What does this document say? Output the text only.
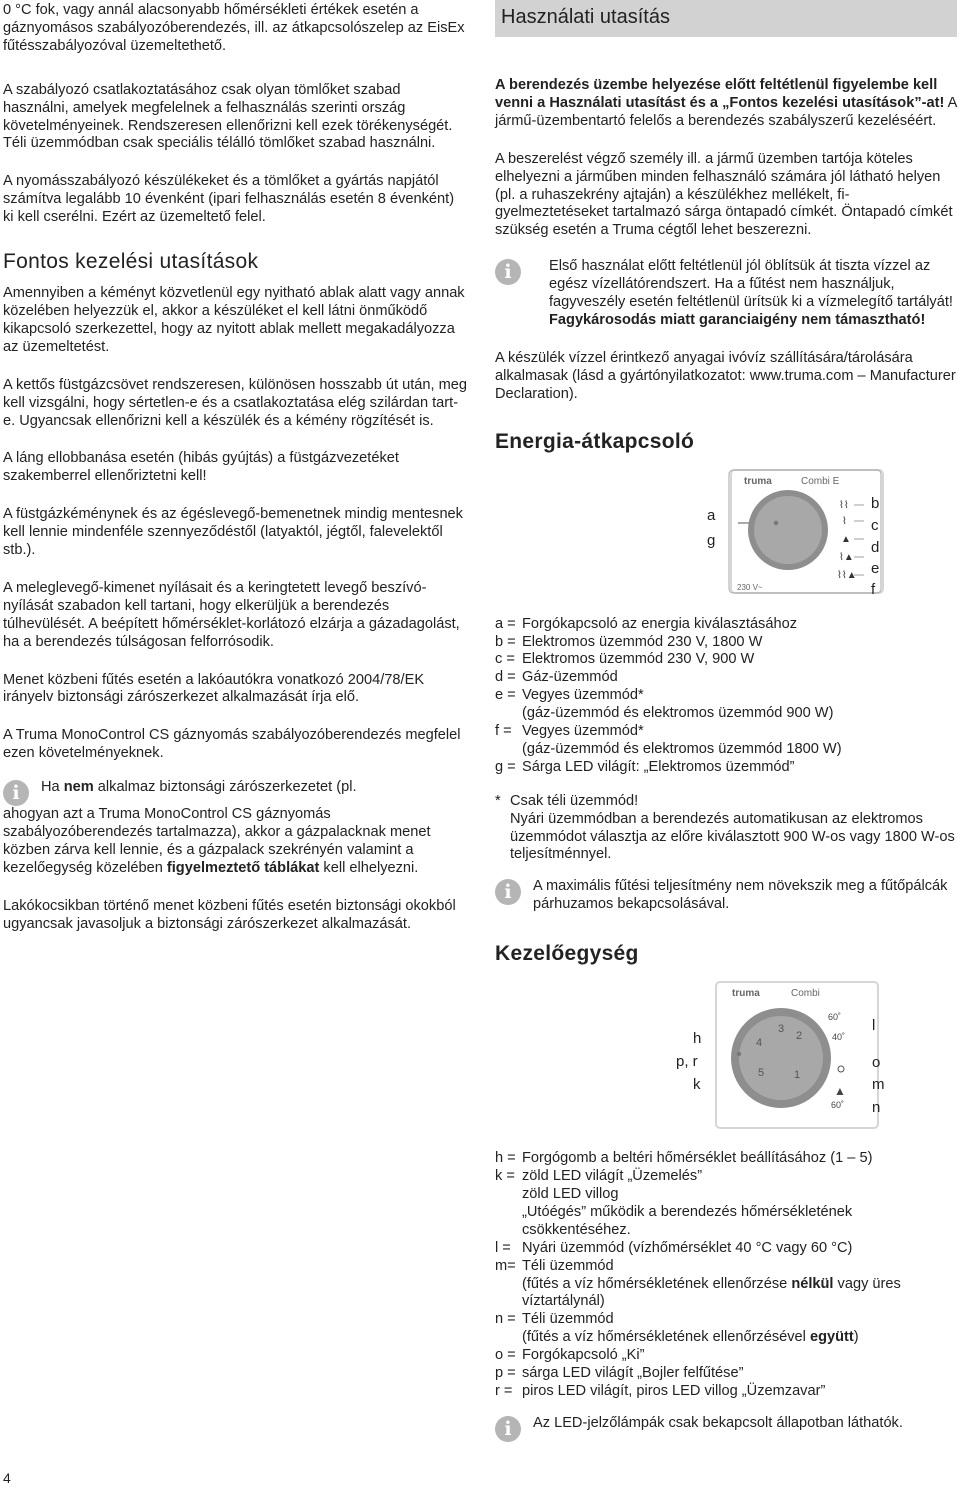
0 °C fok, vagy annál alacsonyabb hőmérsékleti értékek esetén a gáznyomásos szabályozóberendezés, ill. az átkapcsolószelep az EisEx fűtésszabályozóval üzemeltethető.

A szabályozó csatlakoztatásához csak olyan tömlőket szabad használni, amelyek megfelelnek a felhasználás szerinti ország követelményeinek. Rendszeresen ellenőrizni kell ezek törékenységét. Téli üzemmódban csak speciális télálló tömlőket szabad használni.

A nyomásszabályozó készülékeket és a tömlőket a gyártás napjától számítva legalább 10 évenként (ipari felhasználás esetén 8 évenként) ki kell cserélni. Ezért az üzemeltető felel.

Fontos kezelési utasítások

Amennyiben a kéményt közvetlenül egy nyitható ablak alatt vagy annak közelében helyezzük el, akkor a készüléket el kell látni önműködő kikapcsoló szerkezettel, hogy az nyitott ablak mellett megakadályozza az üzemeltetést.

A kettős füstgázcsövet rendszeresen, különösen hosszabb út után, meg kell vizsgálni, hogy sértetlen-e és a csatlakoztatása elég szilárdan tart-e. Ugyancsak ellenőrizni kell a készülék és a kémény rögzítését is.

A láng ellobbanása esetén (hibás gyújtás) a füstgázvezetéket szakemberrel ellenőriztetni kell!

A füstgázkéménynek és az égéslevegő-bemenetnek mindig mentesnek kell lennie mindenféle szennyeződéstől (latyaktól, jégtől, falevelektől stb.).

A meleglevegő-kimenet nyílásait és a keringtetett levegő beszívó-nyílását szabadon kell tartani, hogy elkerüljük a berendezés túlhevülését. A beépített hőmérséklet-korlátozó elzárja a gázadagolást, ha a berendezés túlságosan felforrósodik.

Menet közbeni fűtés esetén a lakóautókra vonatkozó 2004/78/EK irányelv biztonsági zárószerkezet alkalmazását írja elő.

A Truma MonoControl CS gáznyomás szabályozóberendezés megfelel ezen követelményeknek.

i	Ha nem alkalmaz biztonsági zárószerkezetet (pl.

ahogyan azt a Truma MonoControl CS gáznyomás szabályozóberendezés tartalmazza), akkor a gázpalacknak menet közben zárva kell lennie, és a gázpalack szekrényén valamint a kezelőegység közelében figyelmeztető táblákat kell elhelyezni.

Lakókocsikban történő menet közbeni fűtés esetén biztonsági okokból ugyancsak javasoljuk a biztonsági zárószerkezet alkalmazását.

Használati utasítás

A berendezés üzembe helyezése előtt feltétlenül figyelembe kell venni a Használati utasítást és a „Fontos kezelési utasítások”-at! A jármű-üzembentartó felelős a berendezés szabályszerű kezeléséért.

A beszerelést végző személy ill. a jármű üzemben tartója köteles elhelyezni a járműben minden felhasználó számára jól látható helyen (pl. a ruhaszekrény ajtaján) a készülékhez mellékelt, figyelmeztetéseket tartalmazó sárga öntapadó címkét. Öntapadó címkét szükség esetén a Truma cégtől lehet beszerezni.

i	Első használat előtt feltétlenül jól öblítsük át tiszta vízzel az egész vízellátórendszert. Ha a fűtést nem használjuk, fagyveszély esetén feltétlenül ürítsük ki a vízmelegítő tartályát! Fagykárosodás miatt garanciaigény nem támasztható!

A készülék vízzel érintkező anyagai ivóvíz szállítására/tárolására alkalmasak (lásd a gyártónyilatkozatot: www.truma.com – Manufacturer Declaration).

Energia-átkapcsoló
⌇⌇
⌇
▲
⌇▲
⌇⌇▲
truma	Combi E
230 V~
a
g
b
c
d
e
f
a = Forgókapcsoló az energia kiválasztásához
b = Elektromos üzemmód 230 V, 1800 W
c = Elektromos üzemmód 230 V, 900 W
d = Gáz-üzemmód
e = Vegyes üzemmód*
(gáz-üzemmód és elektromos üzemmód 900 W)
f = Vegyes üzemmód*
(gáz-üzemmód és elektromos üzemmód 1800 W)
g = Sárga LED világít: „Elektromos üzemmód”
* Csak téli üzemmód!
Nyári üzemmódban a berendezés automatikusan az elektromos üzemmódot választja az előre kiválasztott 900 W-os vagy 1800 W-os teljesítménnyel.
i	A maximális fűtési teljesítmény nem növekszik meg a fűtőpálcák párhuzamos bekapcsolásával.

Kezelőegység
2
1
3
4
5
truma	Combi
60˚
40˚
60˚
▲
h
p, r
k
l
o
m
n
h = Forgógomb a beltéri hőmérséklet beállításához (1 – 5)
k = zöld LED világít „Üzemelés”
zöld LED villog
„Utóégés” működik a berendezés hőmérsékletének csökkentéséhez.
l = Nyári üzemmód (vízhőmérséklet 40 °C vagy 60 °C)
m= Téli üzemmód
(fűtés a víz hőmérsékletének ellenőrzése nélkül vagy üres víztartálynál)
n = Téli üzemmód
(fűtés a víz hőmérsékletének ellenőrzésével együtt)
o = Forgókapcsoló „Ki”
p = sárga LED világít „Bojler felfűtése”
r = piros LED világít, piros LED villog „Üzemzavar”
i	Az LED-jelzőlámpák csak bekapcsolt állapotban láthatók.

4
